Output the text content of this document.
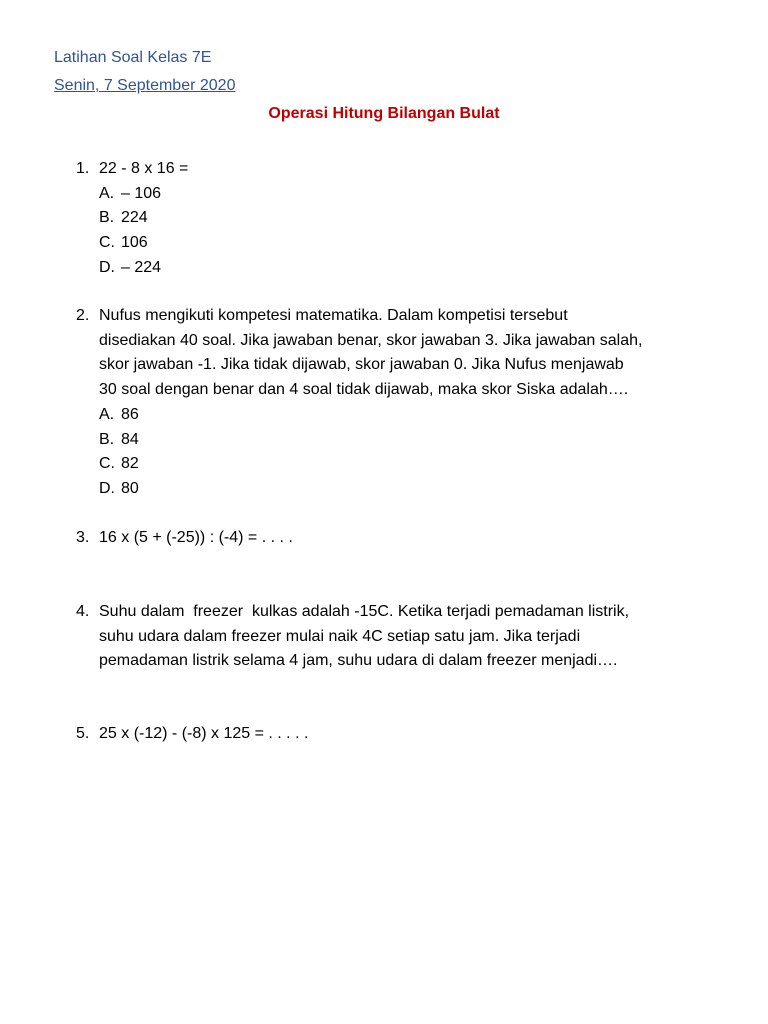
Latihan Soal Kelas 7E
Senin, 7 September 2020
Operasi Hitung Bilangan Bulat
1. 22 - 8 x 16 =
A. – 106
B. 224
C. 106
D. – 224
2. Nufus mengikuti kompetesi matematika. Dalam kompetisi tersebut
disediakan 40 soal. Jika jawaban benar, skor jawaban 3. Jika jawaban salah,
skor jawaban -1. Jika tidak dijawab, skor jawaban 0. Jika Nufus menjawab
30 soal dengan benar dan 4 soal tidak dijawab, maka skor Siska adalah….
A. 86
B. 84
C. 82
D. 80
3. 16 x (5 + (-25)) : (-4) = . . . .
4. Suhu dalam  freezer  kulkas adalah -15C. Ketika terjadi pemadaman listrik,
suhu udara dalam freezer mulai naik 4C setiap satu jam. Jika terjadi
pemadaman listrik selama 4 jam, suhu udara di dalam freezer menjadi….
5. 25 x (-12) - (-8) x 125 = . . . . .
